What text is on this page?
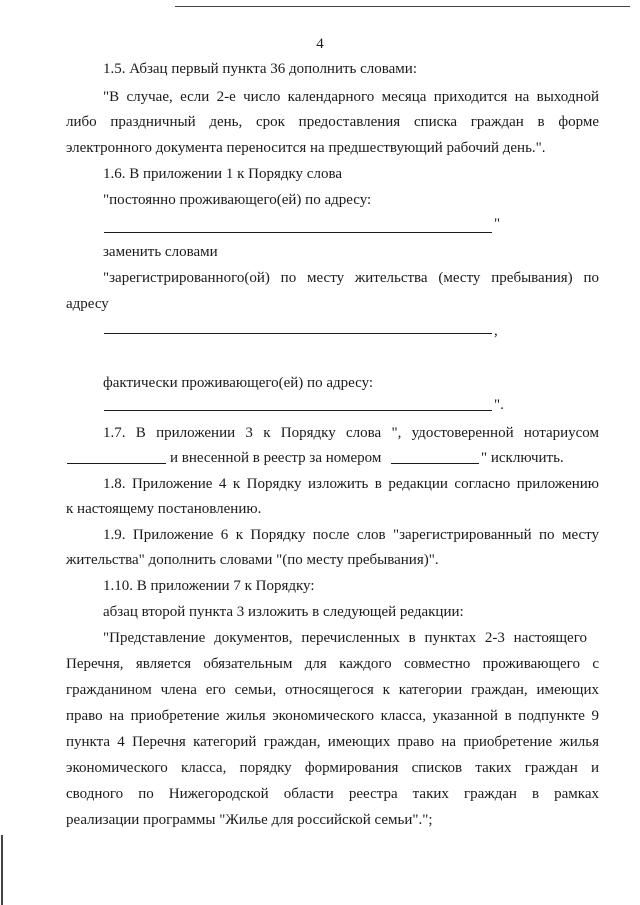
4
1.5. Абзац первый пункта 36 дополнить словами:
"В случае, если 2-е число календарного месяца приходится на выходной
либо праздничный день, срок предоставления списка граждан в форме
электронного документа переносится на предшествующий рабочий день.".
1.6. В приложении 1 к Порядку слова
"постоянно проживающего(ей) по адресу:
"
заменить словами
"зарегистрированного(ой) по месту жительства (месту пребывания) по
адресу
,
фактически проживающего(ей) по адресу:
".
1.7. В приложении 3 к Порядку слова ", удостоверенной нотариусом
и внесенной в реестр за номером	" исключить.
1.8. Приложение 4 к Порядку изложить в редакции согласно приложению
к настоящему постановлению.
1.9. Приложение 6 к Порядку после слов "зарегистрированный по месту
жительства" дополнить словами "(по месту пребывания)".
1.10. В приложении 7 к Порядку:
абзац второй пункта 3 изложить в следующей редакции:
"Представление документов, перечисленных в пунктах 2-3 настоящего
Перечня, является обязательным для каждого совместно проживающего с
гражданином члена его семьи, относящегося к категории граждан, имеющих
право на приобретение жилья экономического класса, указанной в подпункте 9
пункта 4 Перечня категорий граждан, имеющих право на приобретение жилья
экономического класса, порядку формирования списков таких граждан и
сводного по Нижегородской области реестра таких граждан в рамках
реализации программы "Жилье для российской семьи".";
